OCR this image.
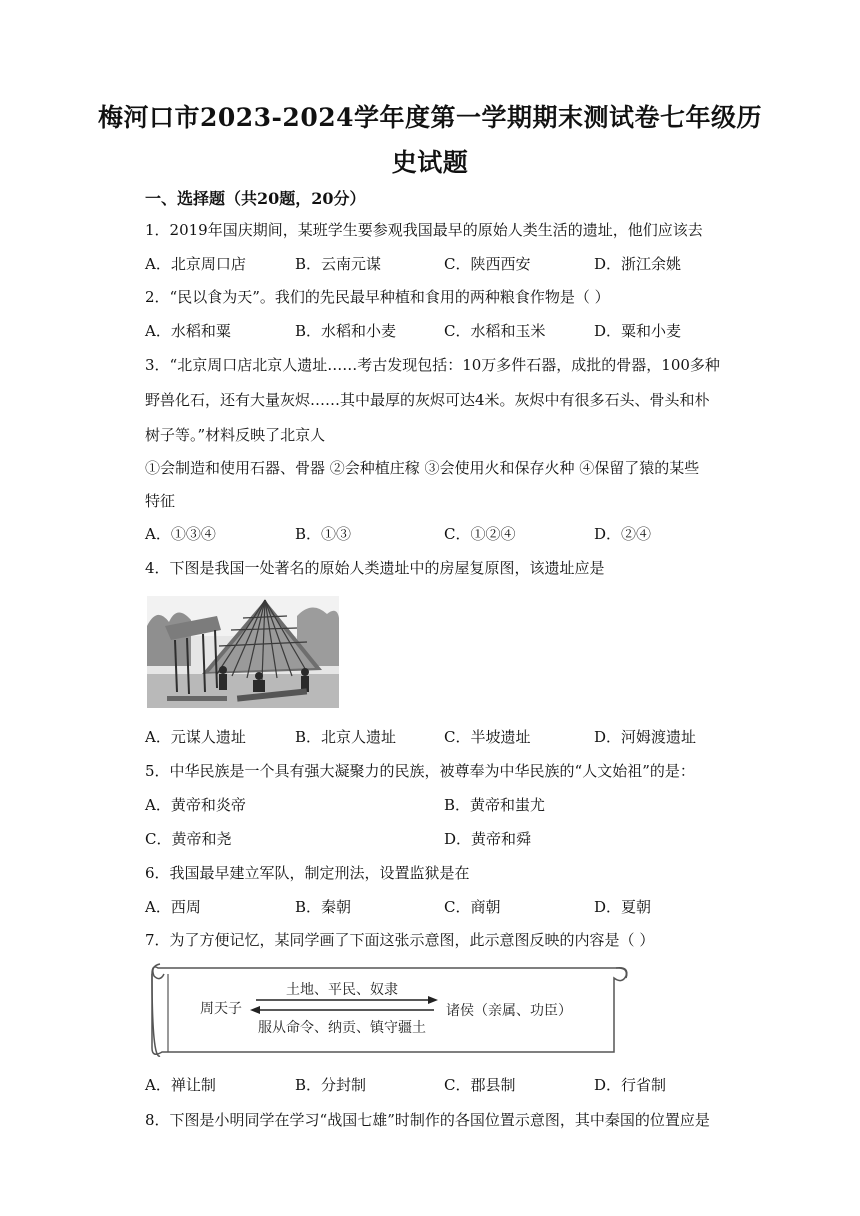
梅河口市2023-2024学年度第一学期期末测试卷七年级历
史试题
一、选择题（共20题，20分）
1．2019年国庆期间，某班学生要参观我国最早的原始人类生活的遗址，他们应该去
A．北京周口店	B．云南元谋	C．陕西西安	D．浙江余姚
2．“民以食为天”。我们的先民最早种植和食用的两种粮食作物是（ ）
A．水稻和粟	B．水稻和小麦	C．水稻和玉米	D．粟和小麦
3．“北京周口店北京人遗址……考古发现包括：10万多件石器，成批的骨器，100多种
野兽化石，还有大量灰烬……其中最厚的灰烬可达4米。灰烬中有很多石头、骨头和朴
树子等。”材料反映了北京人
①会制造和使用石器、骨器 ②会种植庄稼 ③会使用火和保存火种 ④保留了猿的某些
特征
A．①③④	B．①③	C．①②④	D．②④
4．下图是我国一处著名的原始人类遗址中的房屋复原图，该遗址应是
A．元谋人遗址	B．北京人遗址	C．半坡遗址	D．河姆渡遗址
5．中华民族是一个具有强大凝聚力的民族，被尊奉为中华民族的“人文始祖”的是：
A．黄帝和炎帝	B．黄帝和蚩尤
C．黄帝和尧	D．黄帝和舜
6．我国最早建立军队，制定刑法，设置监狱是在
A．西周	B．秦朝	C．商朝	D．夏朝
7．为了方便记忆，某同学画了下面这张示意图，此示意图反映的内容是（ ）
周天子
土地、平民、奴隶
诸侯（亲属、功臣）
服从命令、纳贡、镇守疆土
A．禅让制	B．分封制	C．郡县制	D．行省制
8．下图是小明同学在学习“战国七雄”时制作的各国位置示意图，其中秦国的位置应是
